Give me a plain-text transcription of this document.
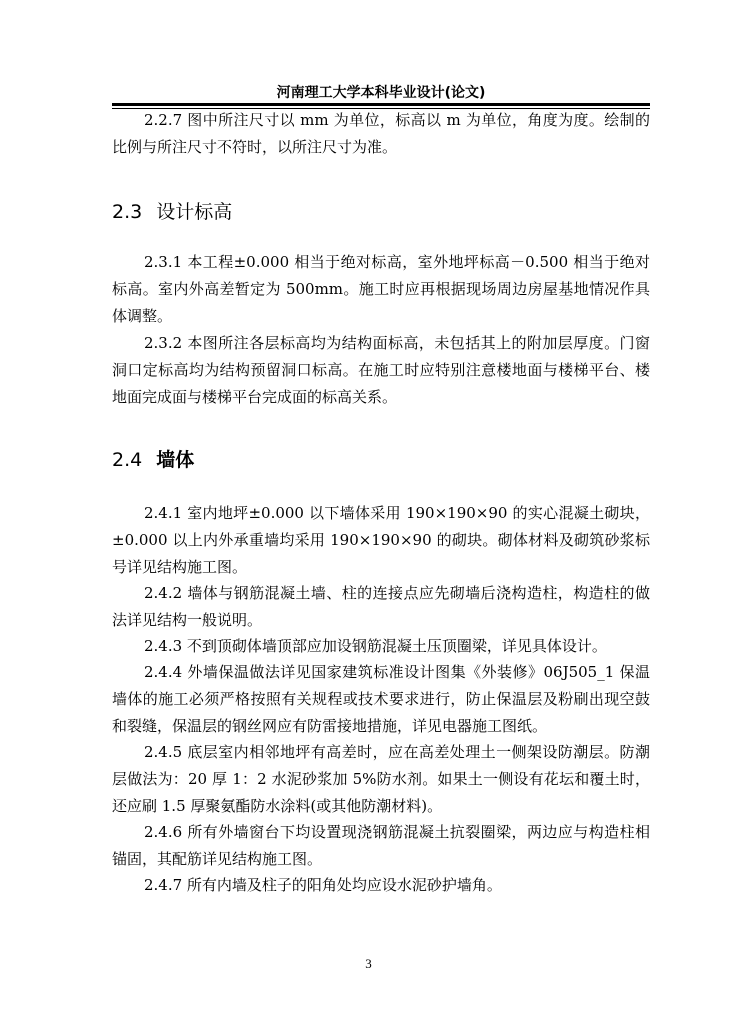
河南理工大学本科毕业设计(论文)

2.2.7 图中所注尺寸以 mm 为单位，标高以 m 为单位，角度为度。绘制的比例与所注尺寸不符时，以所注尺寸为准。

2.3 设计标高

2.3.1 本工程±0.000 相当于绝对标高，室外地坪标高－0.500 相当于绝对标高。室内外高差暂定为 500mm。施工时应再根据现场周边房屋基地情况作具体调整。

2.3.2 本图所注各层标高均为结构面标高，未包括其上的附加层厚度。门窗洞口定标高均为结构预留洞口标高。在施工时应特别注意楼地面与楼梯平台、楼地面完成面与楼梯平台完成面的标高关系。

2.4 墙体

2.4.1 室内地坪±0.000 以下墙体采用 190×190×90 的实心混凝土砌块，±0.000 以上内外承重墙均采用 190×190×90 的砌块。砌体材料及砌筑砂浆标号详见结构施工图。

2.4.2 墙体与钢筋混凝土墙、柱的连接点应先砌墙后浇构造柱，构造柱的做法详见结构一般说明。

2.4.3 不到顶砌体墙顶部应加设钢筋混凝土压顶圈梁，详见具体设计。

2.4.4 外墙保温做法详见国家建筑标准设计图集《外装修》06J505_1 保温墙体的施工必须严格按照有关规程或技术要求进行，防止保温层及粉刷出现空鼓和裂缝，保温层的钢丝网应有防雷接地措施，详见电器施工图纸。

2.4.5 底层室内相邻地坪有高差时，应在高差处理土一侧架设防潮层。防潮层做法为：20 厚 1：2 水泥砂浆加 5%防水剂。如果土一侧设有花坛和覆土时，还应刷 1.5 厚聚氨酯防水涂料(或其他防潮材料)。

2.4.6 所有外墙窗台下均设置现浇钢筋混凝土抗裂圈梁，两边应与构造柱相锚固，其配筋详见结构施工图。

2.4.7 所有内墙及柱子的阳角处均应设水泥砂护墙角。

3
